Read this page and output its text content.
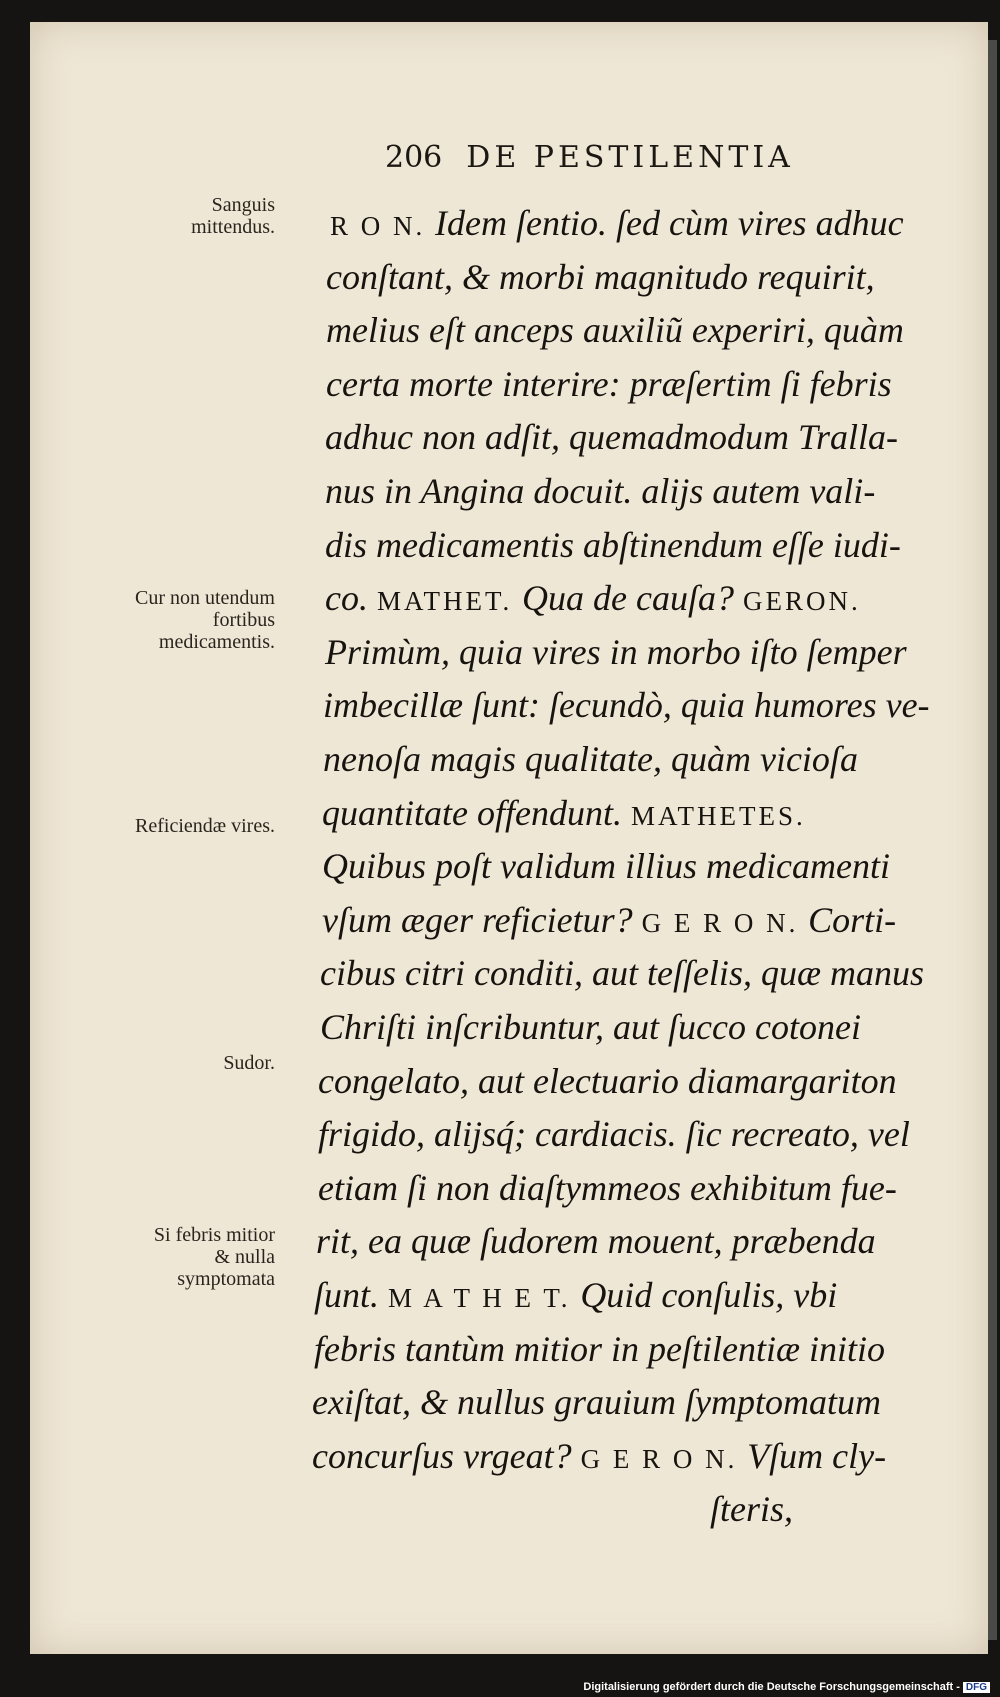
206 DE PESTILENTIA
Sanguis mittendus.
Cur non utendum fortibus medicamentis.
Reficiendæ vires.
Sudor.
Si febris mitior & nulla symptomata
R O N. Idem ſentio. ſed cùm vires adhuc
conſtant, & morbi magnitudo requirit,
melius eſt anceps auxiliũ experiri, quàm
certa morte interire: præſertim ſi febris
adhuc non adſit, quemadmodum Tralla-
nus in Angina docuit. alijs autem vali-
dis medicamentis abſtinendum eſſe iudi-
co. MATHET. Qua de cauſa? GERON.
Primùm, quia vires in morbo iſto ſemper
imbecillæ ſunt: ſecundò, quia humores ve-
nenoſa magis qualitate, quàm vicioſa
quantitate offendunt. MATHETES.
Quibus poſt validum illius medicamenti
vſum æger reficietur? G E R O N. Corti-
cibus citri conditi, aut teſſelis, quæ manus
Chriſti inſcribuntur, aut ſucco cotonei
congelato, aut electuario diamargariton
frigido, alijsq́; cardiacis. ſic recreato, vel
etiam ſi non diaſtymmeos exhibitum fue-
rit, ea quæ ſudorem mouent, præbenda
ſunt. M A T H E T. Quid conſulis, vbi
febris tantùm mitior in peſtilentiæ initio
exiſtat, & nullus grauium ſymptomatum
concurſus vrgeat? G E R O N. Vſum cly-
ſteris,
Digitalisierung gefördert durch die Deutsche Forschungsgemeinschaft - DFG
